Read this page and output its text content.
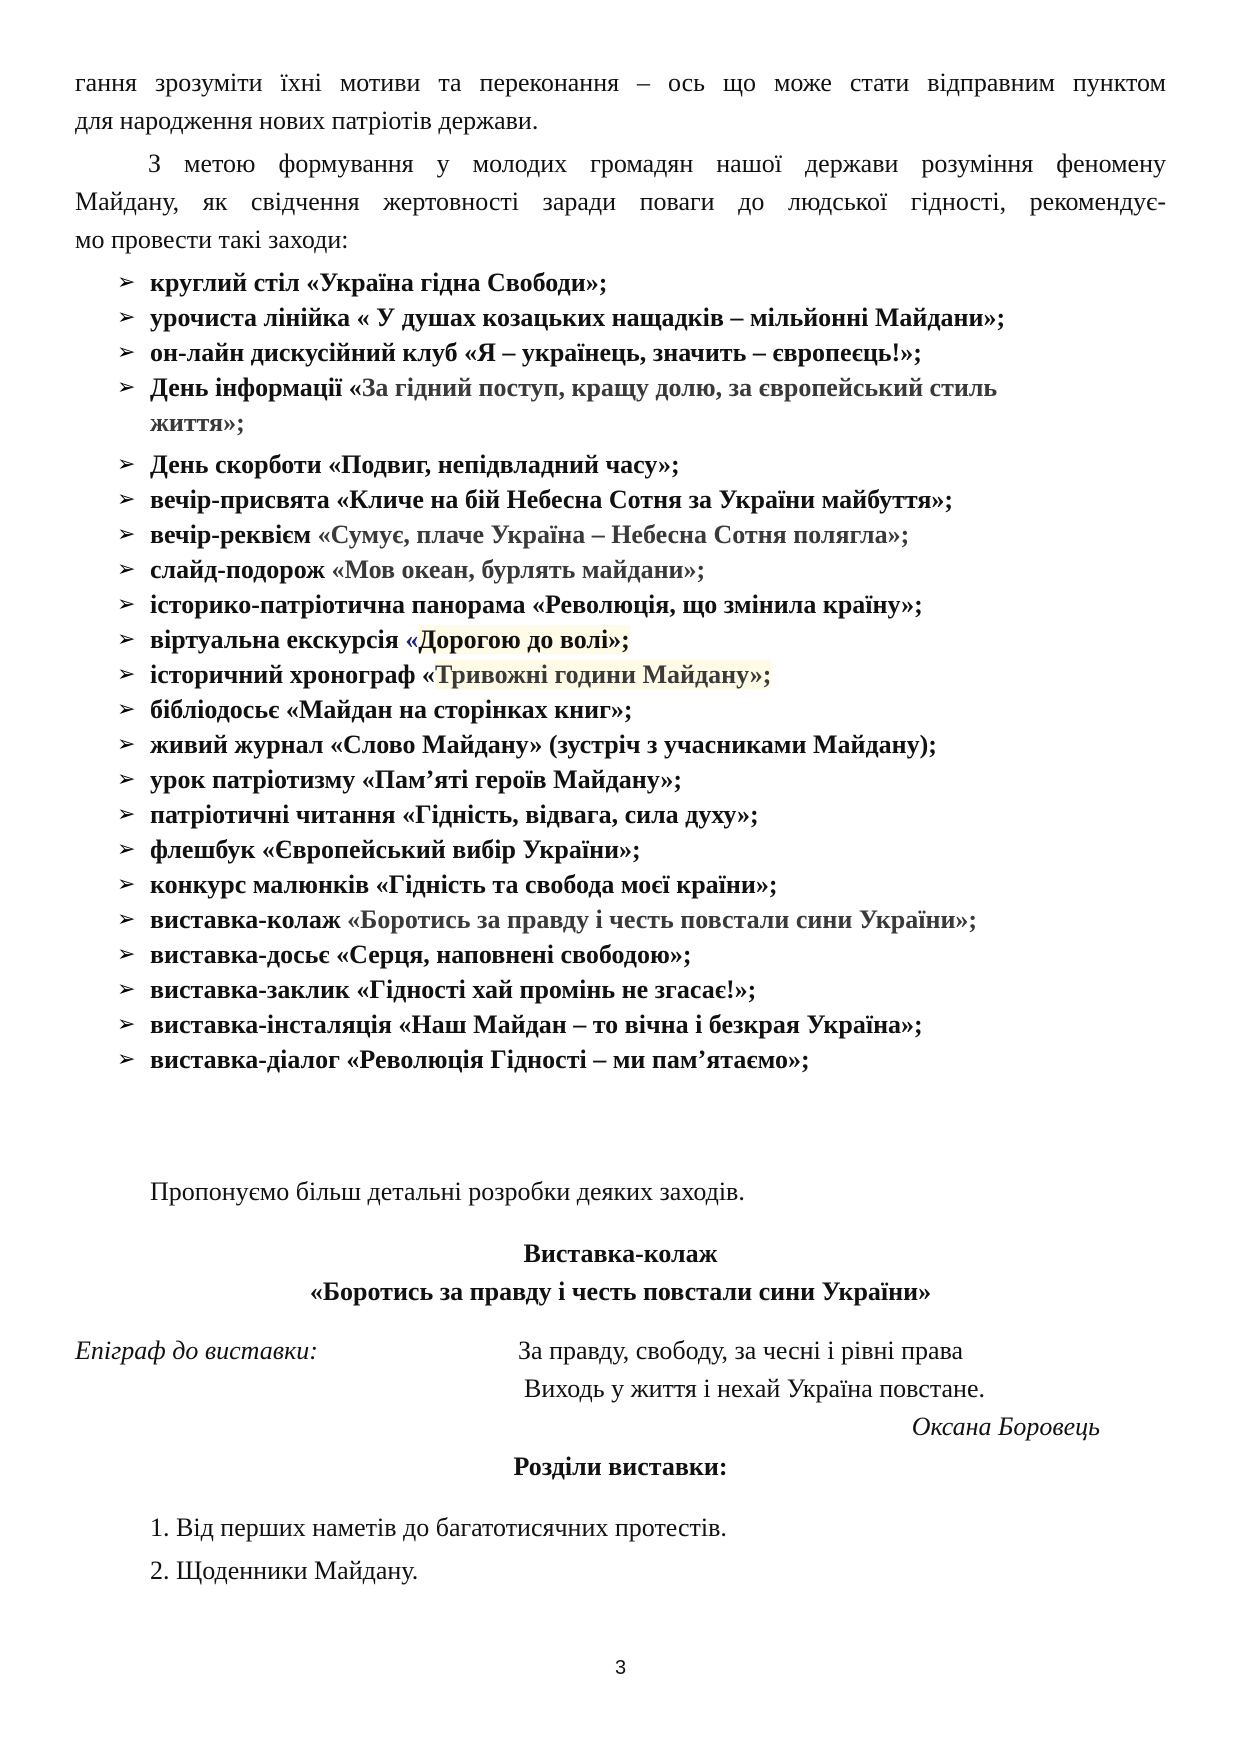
гання зрозуміти їхні мотиви та переконання – ось що може стати відправним пунктом

для народження нових патріотів держави.

З метою формування у молодих громадян нашої держави розуміння феномену

Майдану, як свідчення жертовності заради поваги до людської гідності, рекомендує-

мо провести такі заходи:

➢ круглий стіл «Україна гідна Свободи»;
➢ урочиста лінійка « У душах козацьких нащадків – мільйонні Майдани»;
➢ он-лайн дискусійний клуб «Я – українець, значить – європеєць!»;
➢ День інформації «За гідний поступ, кращу долю, за європейський стиль
життя»;
➢ День скорботи «Подвиг, непідвладний часу»;
➢ вечір-присвята «Кличе на бій Небесна Сотня за України майбуття»;
➢ вечір-реквієм «Сумує, плаче Україна – Небесна Сотня полягла»;
➢ слайд-подорож «Мов океан, бурлять майдани»;
➢ історико-патріотична панорама «Революція, що змінила країну»;
➢ віртуальна екскурсія «Дорогою до волі»;
➢ історичний хронограф «Тривожні години Майдану»;
➢ бібліодосьє «Майдан на сторінках книг»;
➢ живий журнал «Слово Майдану» (зустріч з учасниками Майдану);
➢ урок патріотизму «Пам’яті героїв Майдану»;
➢ патріотичні читання «Гідність, відвага, сила духу»;
➢ флешбук «Європейський вибір України»;
➢ конкурс малюнків «Гідність та свобода моєї країни»;
➢ виставка-колаж «Боротись за правду і честь повстали сини України»;
➢ виставка-досьє «Серця, наповнені свободою»;
➢ виставка-заклик «Гідності хай промінь не згасає!»;
➢ виставка-інсталяція «Наш Майдан – то вічна і безкрая Україна»;
➢ виставка-діалог «Революція Гідності – ми пам’ятаємо»;

Пропонуємо більш детальні розробки деяких заходів.

Виставка-колаж

«Боротись за правду і честь повстали сини України»

Епіграф до виставки:	За правду, свободу, за чесні і рівні права

Виходь у життя і нехай Україна повстане.

Оксана Боровець

Розділи виставки:

1. Від перших наметів до багатотисячних протестів.
2. Щоденники Майдану.
3
